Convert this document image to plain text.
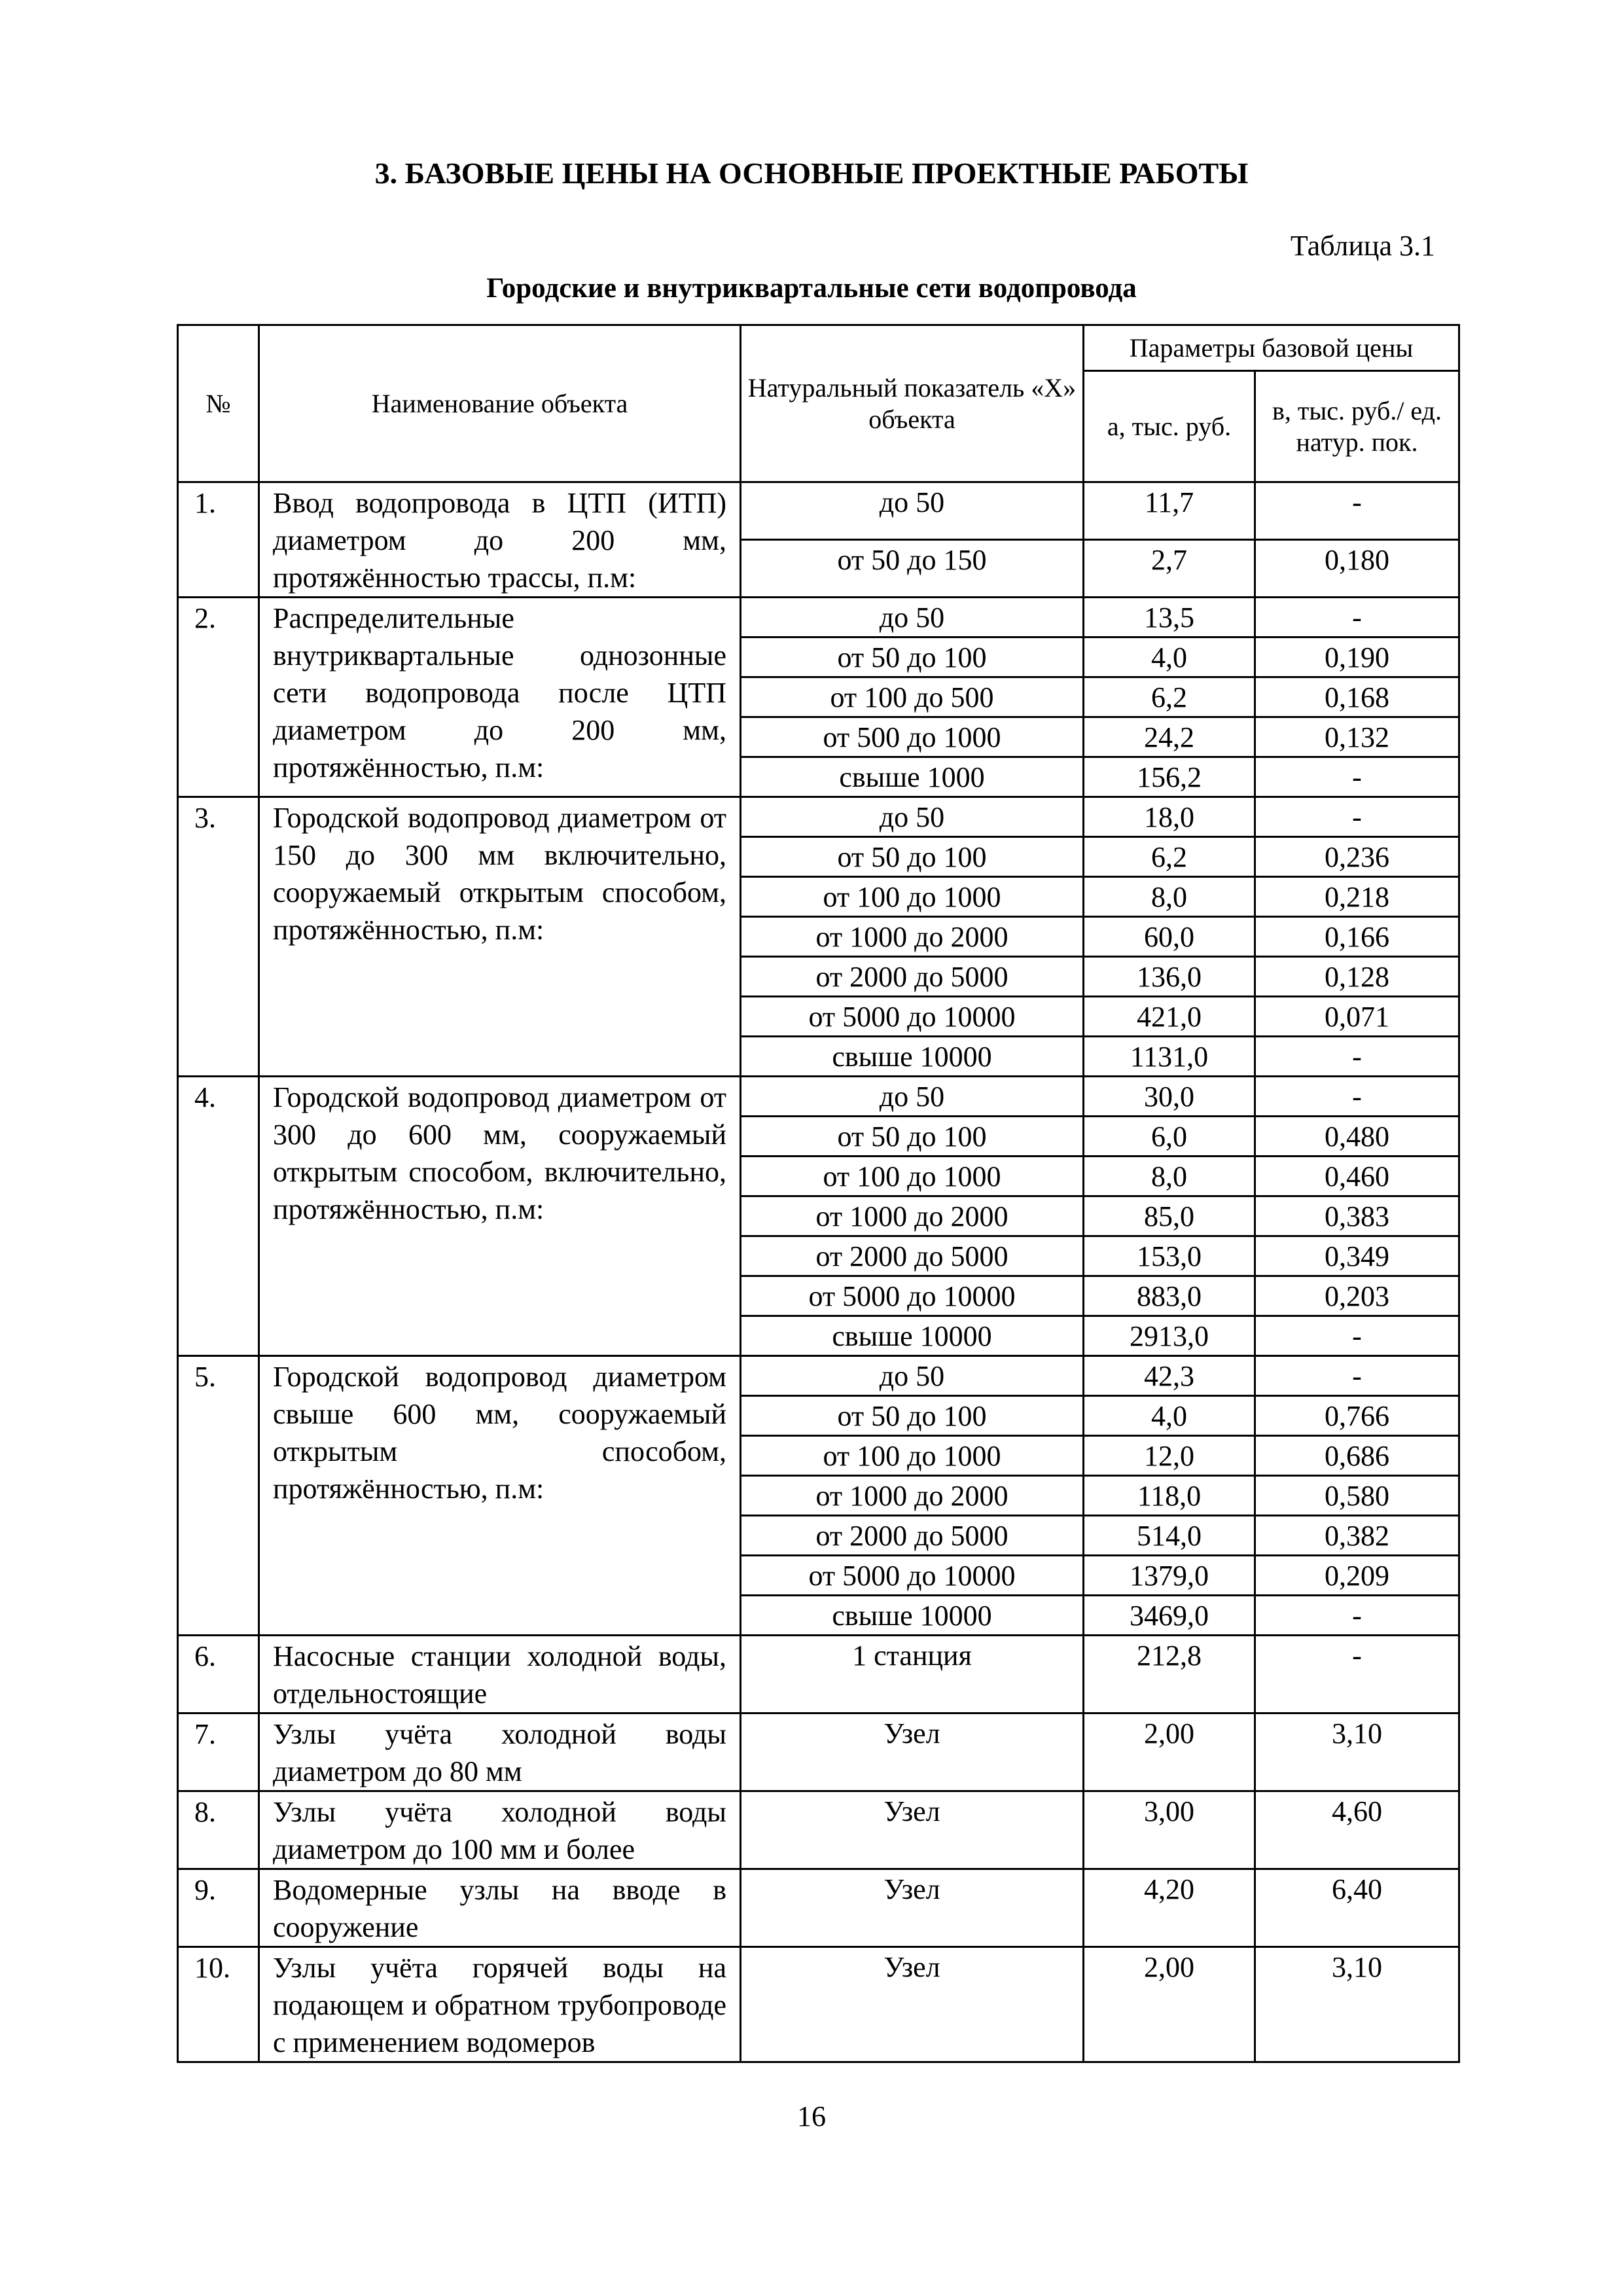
3. БАЗОВЫЕ ЦЕНЫ НА ОСНОВНЫЕ ПРОЕКТНЫЕ РАБОТЫ
Таблица 3.1
Городские и внутриквартальные сети водопровода
№	Наименование объекта	Натуральный показатель «X» объекта	Параметры базовой цены	
			а, тыс. руб.	в, тыс. руб./ ед. натур. пок.
1.	Ввод водопровода в ЦТП (ИТП) диаметром до 200 мм, протяжённостью трассы, п.м:	до 50	11,7	-
		от 50 до 150	2,7	0,180
2.	Распределительные внутриквартальные однозонные сети водопровода после ЦТП диаметром до 200 мм, протяжённостью, п.м:	до 50	13,5	-
		от 50 до 100	4,0	0,190
		от 100 до 500	6,2	0,168
		от 500 до 1000	24,2	0,132
		свыше 1000	156,2	-
3.	Городской водопровод диаметром от 150 до 300 мм включительно, сооружаемый открытым способом, протяжённостью, п.м:	до 50	18,0	-
		от 50 до 100	6,2	0,236
		от 100 до 1000	8,0	0,218
		от 1000 до 2000	60,0	0,166
		от 2000 до 5000	136,0	0,128
		от 5000 до 10000	421,0	0,071
		свыше 10000	1131,0	-
4.	Городской водопровод диаметром от 300 до 600 мм, сооружаемый открытым способом, включительно, протяжённостью, п.м:	до 50	30,0	-
		от 50 до 100	6,0	0,480
		от 100 до 1000	8,0	0,460
		от 1000 до 2000	85,0	0,383
		от 2000 до 5000	153,0	0,349
		от 5000 до 10000	883,0	0,203
		свыше 10000	2913,0	-
5.	Городской водопровод диаметром свыше 600 мм, сооружаемый открытым способом, протяжённостью, п.м:	до 50	42,3	-
		от 50 до 100	4,0	0,766
		от 100 до 1000	12,0	0,686
		от 1000 до 2000	118,0	0,580
		от 2000 до 5000	514,0	0,382
		от 5000 до 10000	1379,0	0,209
		свыше 10000	3469,0	-
6.	Насосные станции холодной воды, отдельностоящие	1 станция	212,8	-
7.	Узлы учёта холодной воды диаметром до 80 мм	Узел	2,00	3,10
8.	Узлы учёта холодной воды диаметром до 100 мм и более	Узел	3,00	4,60
9.	Водомерные узлы на вводе в сооружение	Узел	4,20	6,40
10.	Узлы учёта горячей воды на подающем и обратном трубопроводе с применением водомеров	Узел	2,00	3,10
16
